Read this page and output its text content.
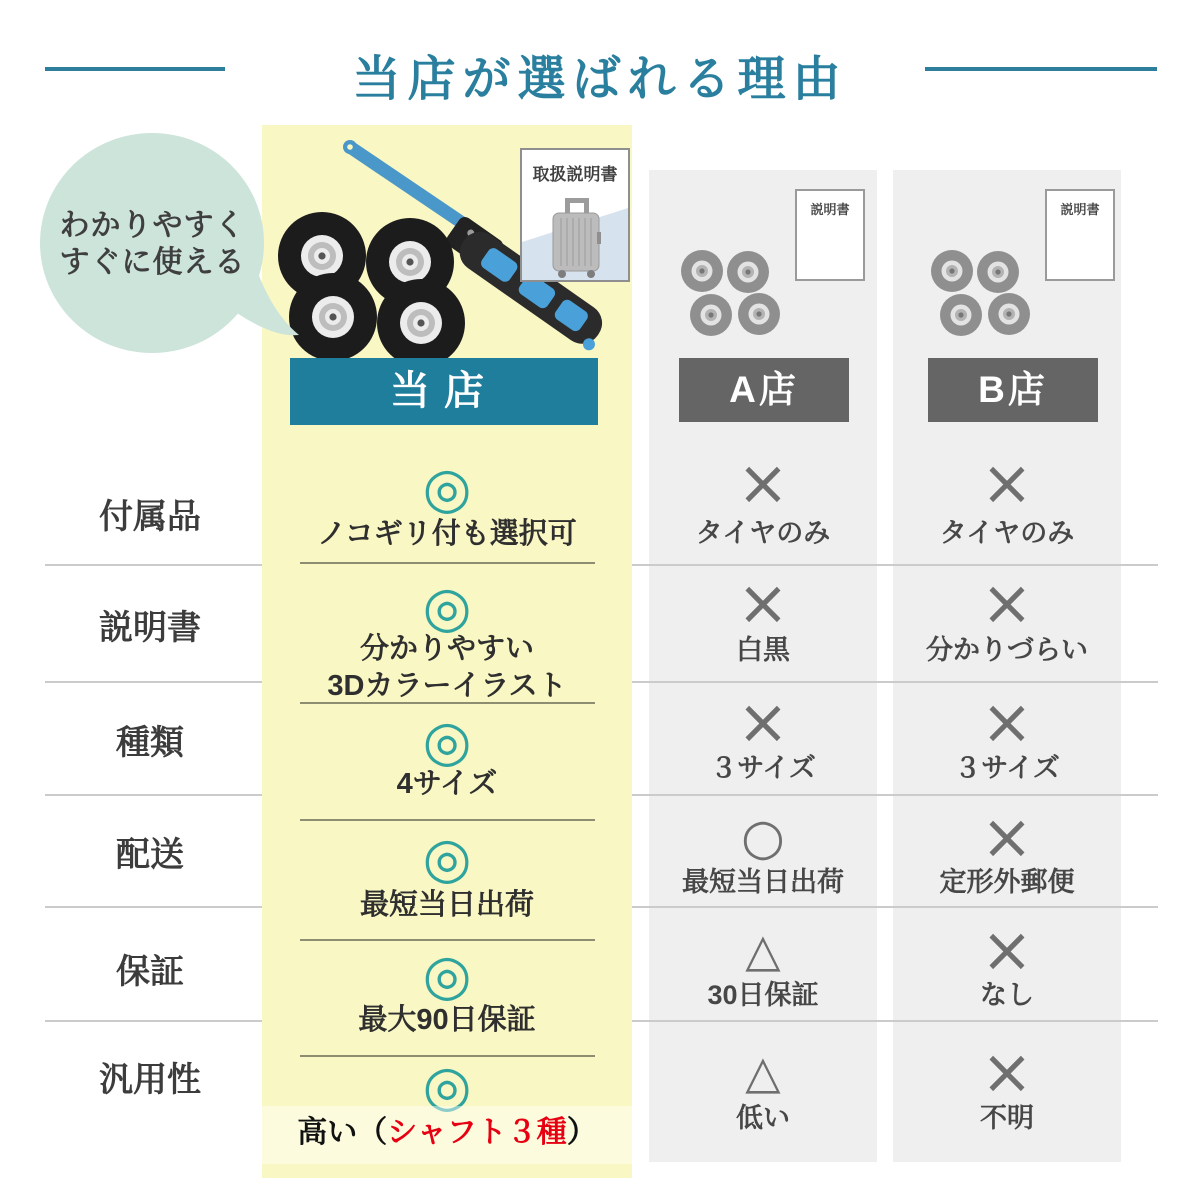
当店が選ばれる理由
付属品
説明書
種類
配送
保証
汎用性
説明書
A店
×
タイヤのみ
×
白黒
×
３サイズ
○
最短当日出荷
△
30日保証
△
低い
説明書
B店
×
タイヤのみ
×
分かりづらい
×
３サイズ
×
定形外郵便
×
なし
×
不明
取扱説明書
当店
◎
ノコギリ付も選択可
◎
分かりやすい
3Dカラーイラスト
◎
4サイズ
◎
最短当日出荷
◎
最大90日保証
◎
高い（シャフト３種）
わかりやすく
すぐに使える
